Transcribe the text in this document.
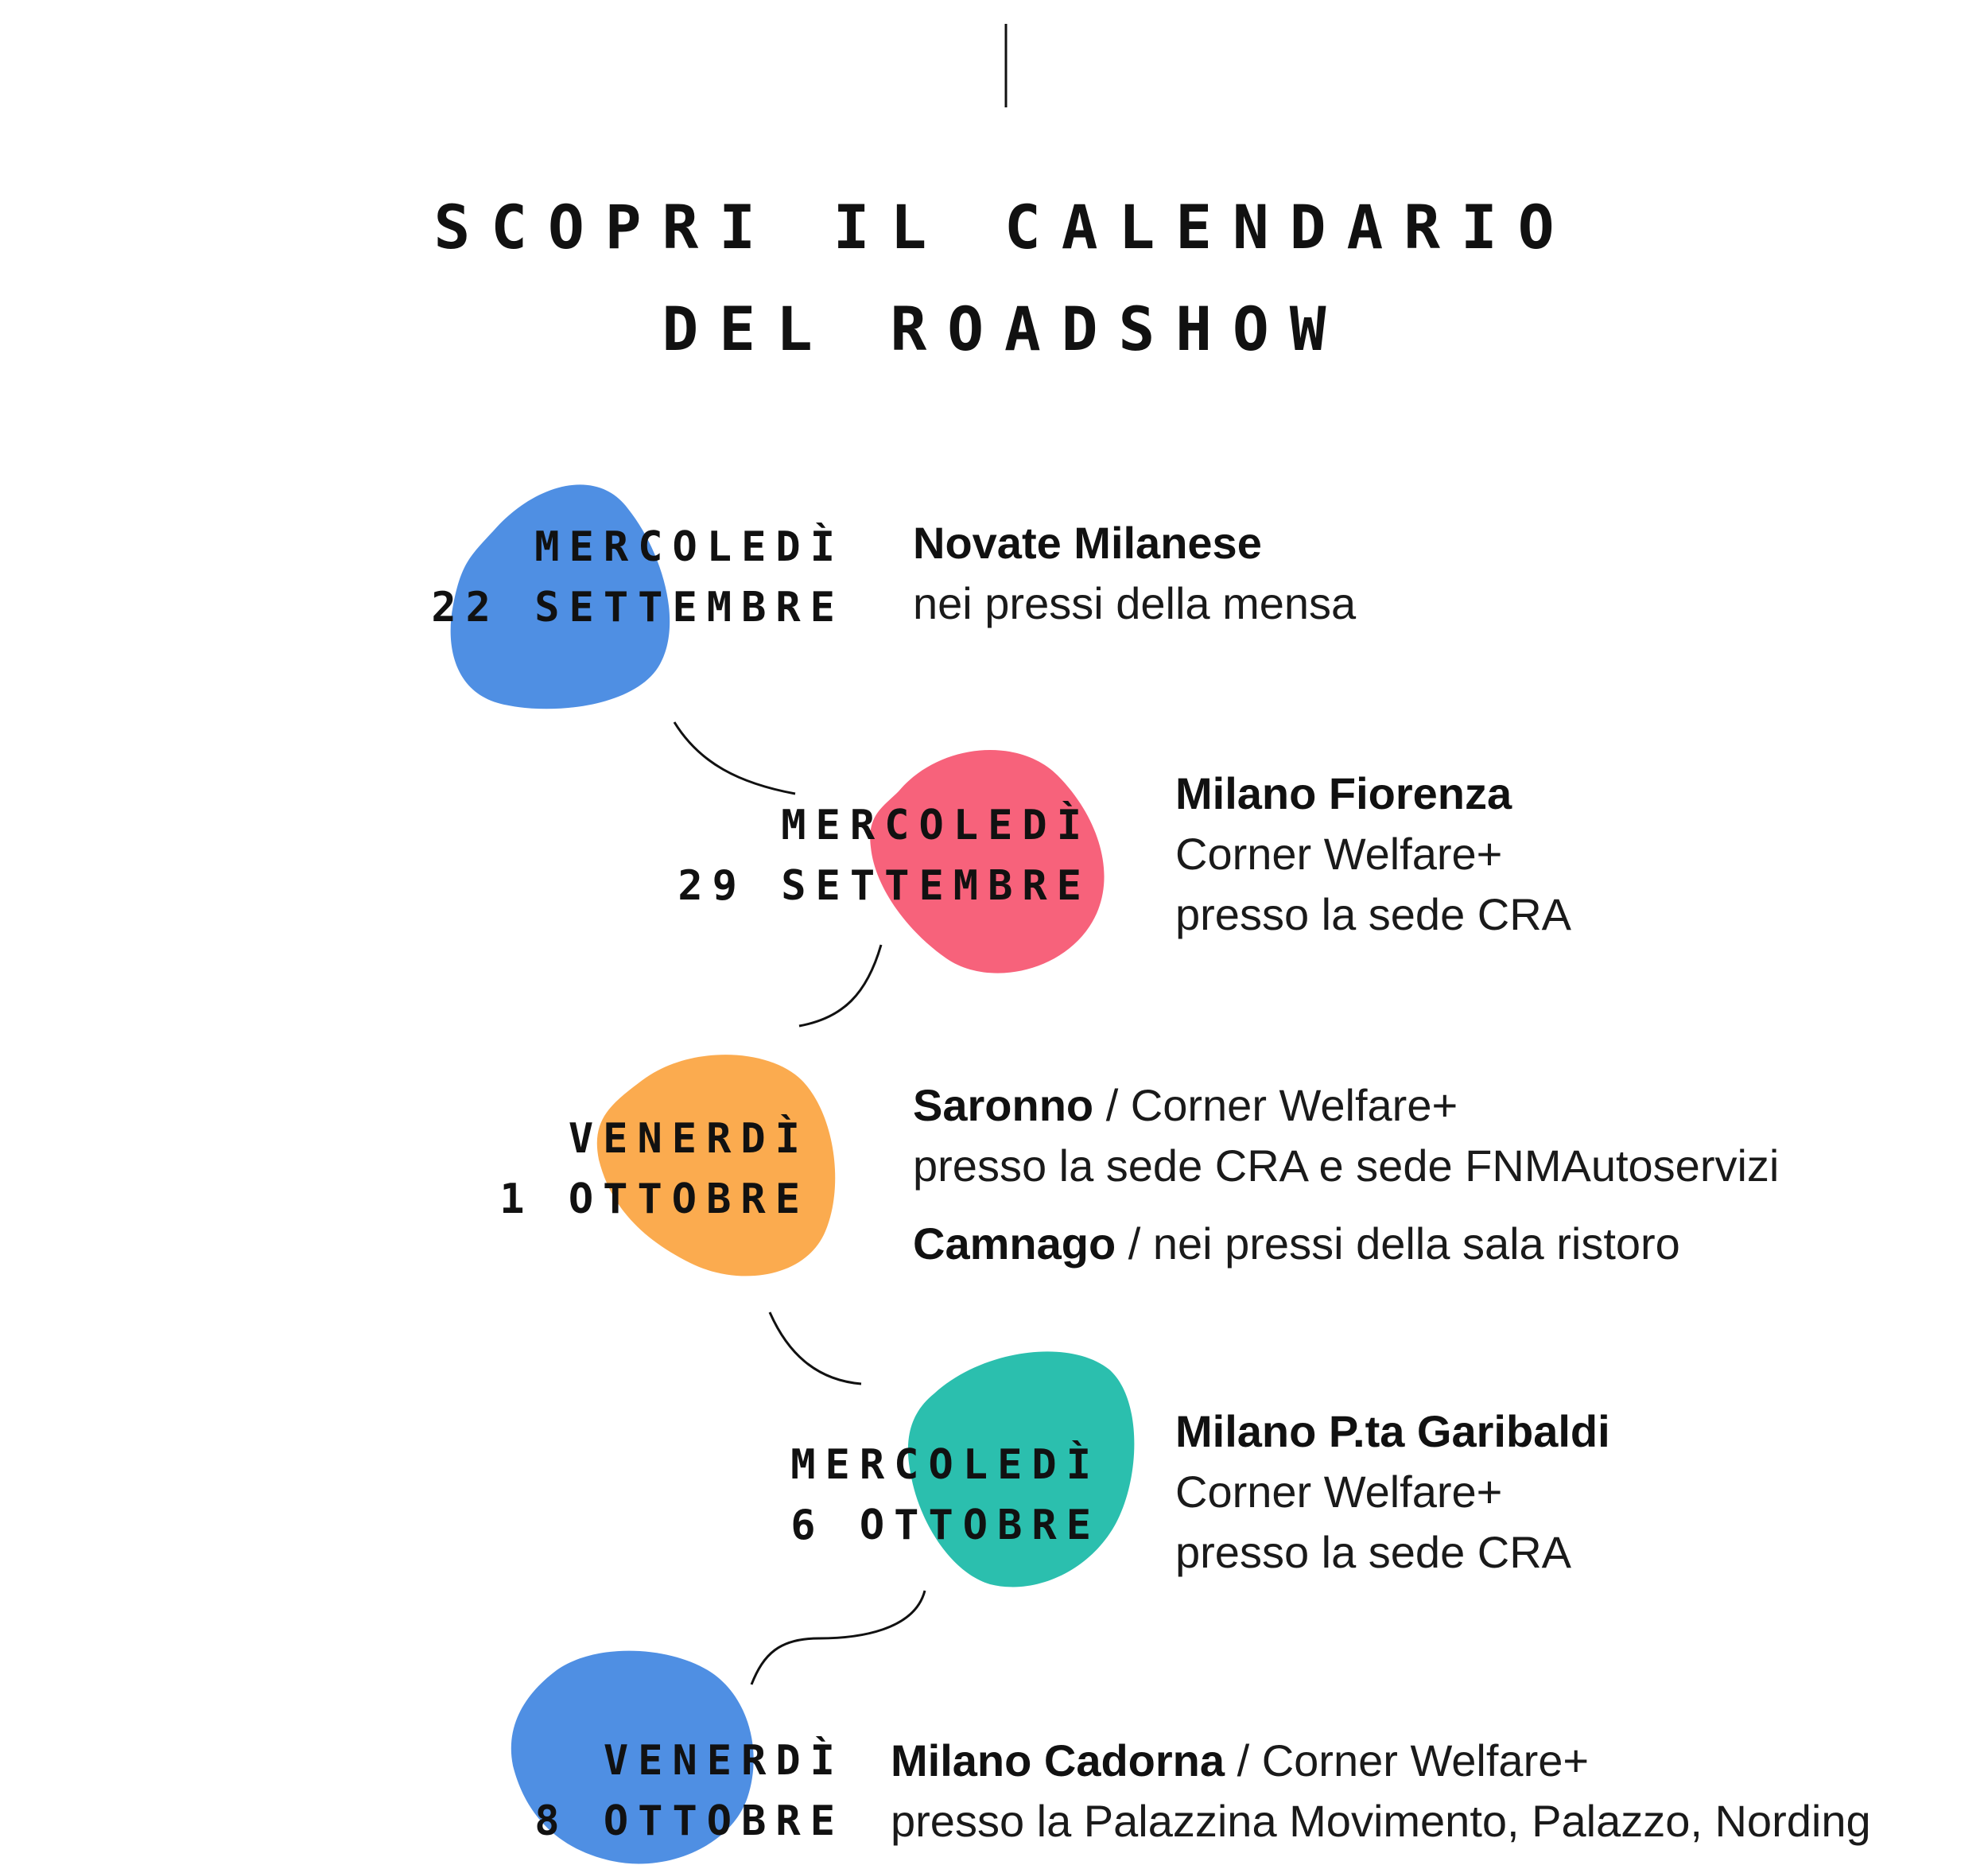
SCOPRI IL CALENDARIO
DEL ROADSHOW
MERCOLEDÌ
22 SETTEMBRE
Novate Milanese
nei pressi della mensa
MERCOLEDÌ
29 SETTEMBRE
Milano Fiorenza
Corner Welfare+
presso la sede CRA
VENERDÌ
1 OTTOBRE
Saronno / Corner Welfare+
presso la sede CRA e sede FNMAutoservizi
Camnago / nei pressi della sala ristoro
MERCOLEDÌ
6 OTTOBRE
Milano P.ta Garibaldi
Corner Welfare+
presso la sede CRA
VENERDÌ
8 OTTOBRE
Milano Cadorna / Corner Welfare+
presso la Palazzina Movimento, Palazzo, Nording
